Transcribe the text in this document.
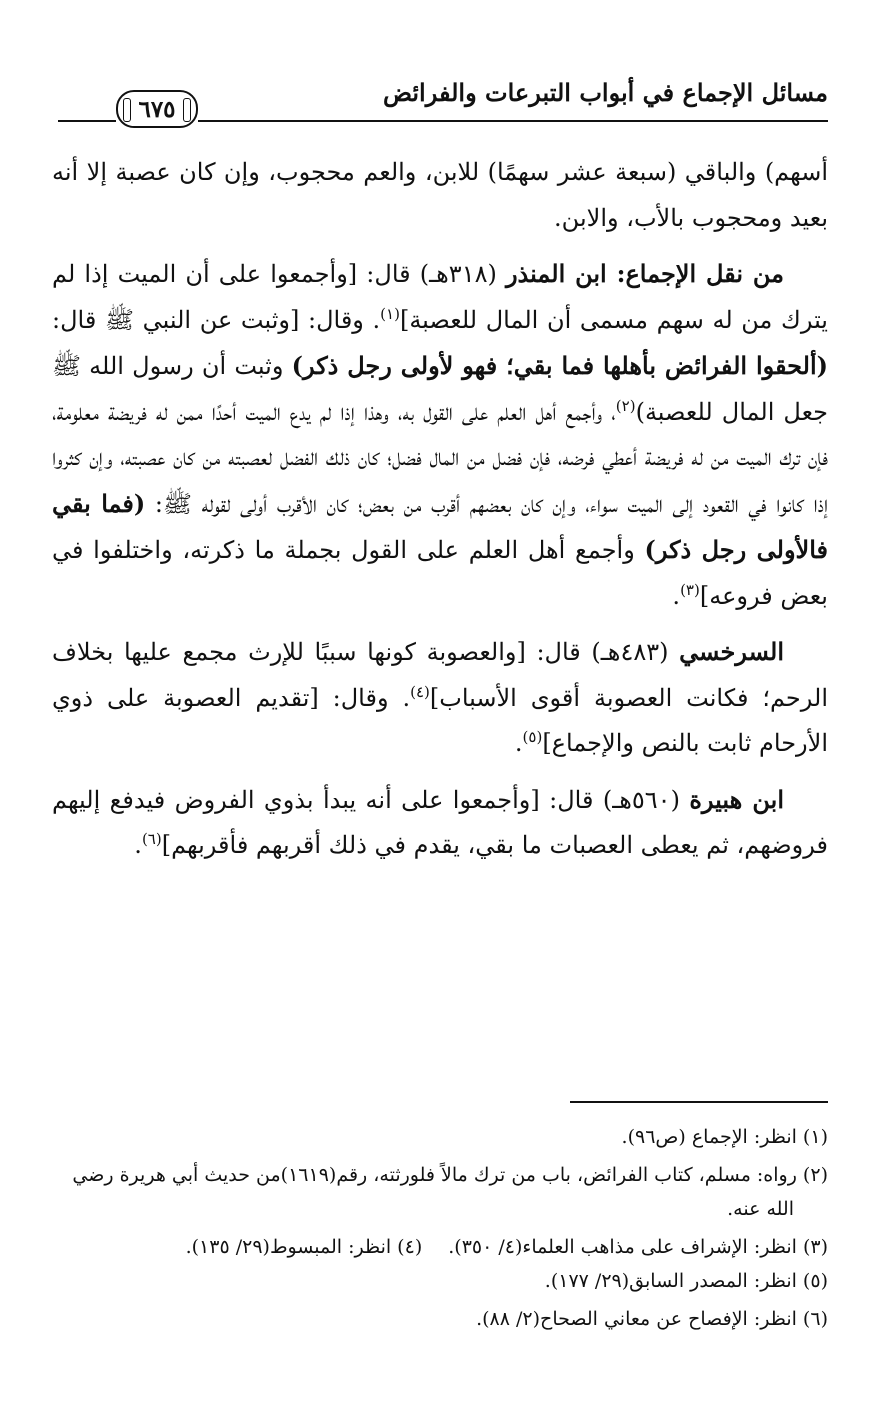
مسائل الإجماع في أبواب التبرعات والفرائض
٦٧٥

أسهم) والباقي (سبعة عشر سهمًا) للابن، والعم محجوب، وإن كان عصبة إلا أنه بعيد ومحجوب بالأب، والابن.

من نقل الإجماع: ابن المنذر (٣١٨هـ) قال: [وأجمعوا على أن الميت إذا لم يترك من له سهم مسمى أن المال للعصبة]$^{(١)}$. وقال: [وثبت عن النبي ﷺ قال: (ألحقوا الفرائض بأهلها فما بقي؛ فهو لأولى رجل ذكر) وثبت أن رسول الله ﷺ جعل المال للعصبة)$^{(٢)}$، وأجمع أهل العلم على القول به، وهذا إذا لم يدع الميت أحدًا ممن له فريضة معلومة، فإن ترك الميت من له فريضة أعطي فرضه، فإن فضل من المال فضل؛ كان ذلك الفضل لعصبته من كان عصبته، وإن كثروا إذا كانوا في القعود إلى الميت سواء، وإن كان بعضهم أقرب من بعض؛ كان الأقرب أولى لقوله ﷺ: (فما بقي فالأولى رجل ذكر) وأجمع أهل العلم على القول بجملة ما ذكرته، واختلفوا في بعض فروعه]$^{(٣)}$.

السرخسي (٤٨٣هـ) قال: [والعصوبة كونها سببًا للإرث مجمع عليها بخلاف الرحم؛ فكانت العصوبة أقوى الأسباب]$^{(٤)}$. وقال: [تقديم العصوبة على ذوي الأرحام ثابت بالنص والإجماع]$^{(٥)}$.

ابن هبيرة (٥٦٠هـ) قال: [وأجمعوا على أنه يبدأ بذوي الفروض فيدفع إليهم فروضهم، ثم يعطى العصبات ما بقي، يقدم في ذلك أقربهم فأقربهم]$^{(٦)}$.

(١) انظر: الإجماع (ص٩٦).

(٢) رواه: مسلم، كتاب الفرائض، باب من ترك مالاً فلورثته، رقم(١٦١٩)من حديث أبي هريرة رضي الله عنه.

(٣) انظر: الإشراف على مذاهب العلماء(٤/ ٣٥٠).
(٤) انظر: المبسوط(٢٩/ ١٣٥).

(٥) انظر: المصدر السابق(٢٩/ ١٧٧).

(٦) انظر: الإفصاح عن معاني الصحاح(٢/ ٨٨).
